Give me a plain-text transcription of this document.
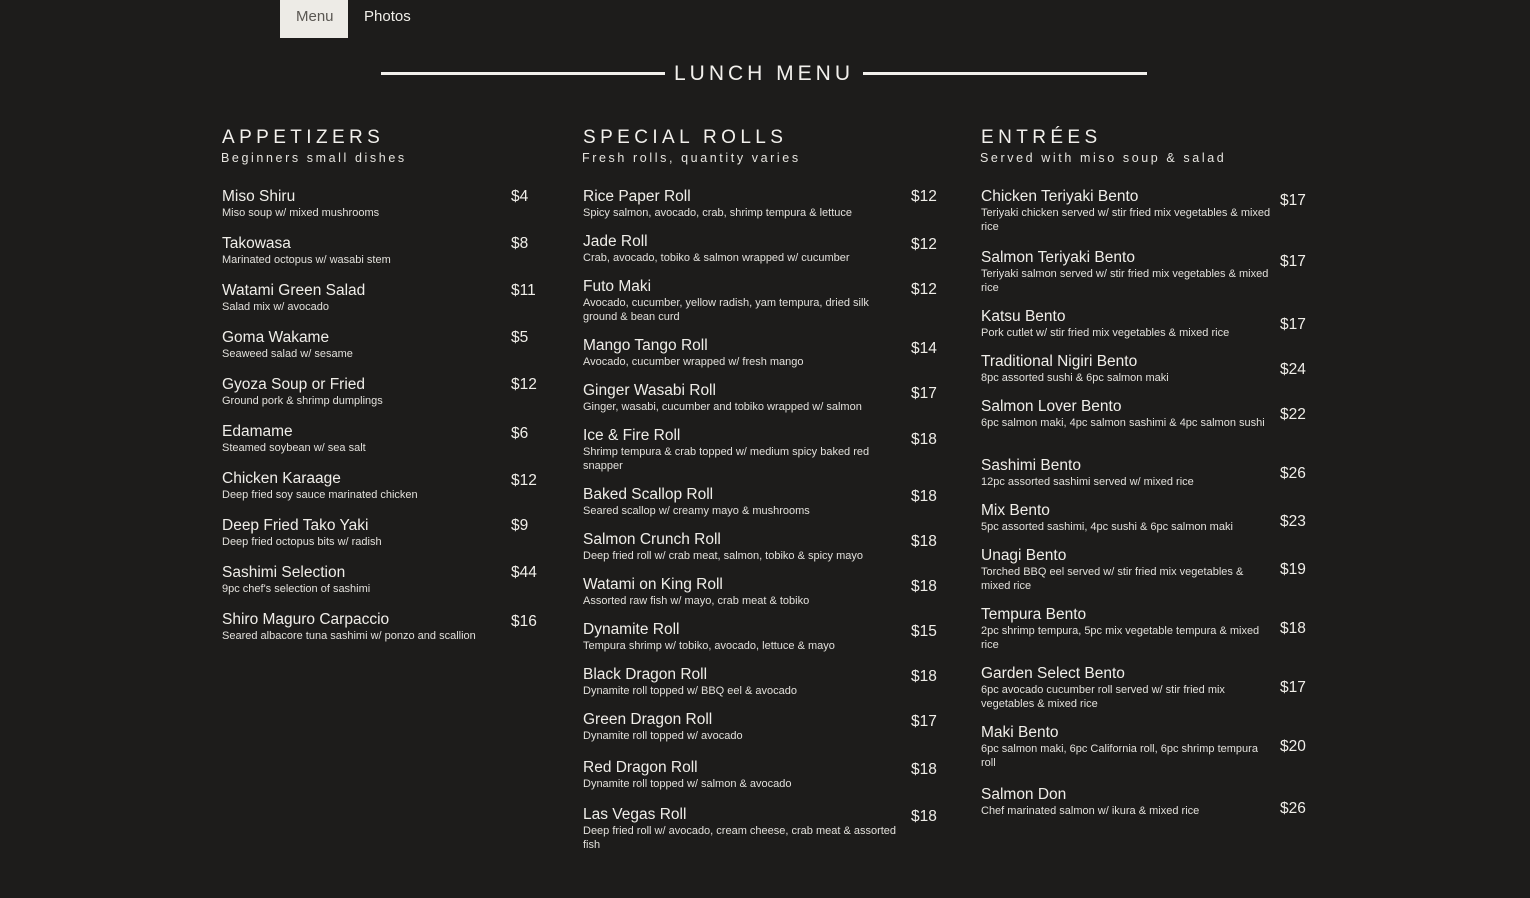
Menu	Photos
LUNCH MENU
APPETIZERS
Beginners small dishes
Miso Shiru
Miso soup w/ mixed mushrooms
$4
Takowasa
Marinated octopus w/ wasabi stem
$8
Watami Green Salad
Salad mix w/ avocado
$11
Goma Wakame
Seaweed salad w/ sesame
$5
Gyoza Soup or Fried
Ground pork & shrimp dumplings
$12
Edamame
Steamed soybean w/ sea salt
$6
Chicken Karaage
Deep fried soy sauce marinated chicken
$12
Deep Fried Tako Yaki
Deep fried octopus bits w/ radish
$9
Sashimi Selection
9pc chef's selection of sashimi
$44
Shiro Maguro Carpaccio
Seared albacore tuna sashimi w/ ponzo and scallion
$16
SPECIAL ROLLS
Fresh rolls, quantity varies
Rice Paper Roll
Spicy salmon, avocado, crab, shrimp tempura & lettuce
$12
Jade Roll
Crab, avocado, tobiko & salmon wrapped w/ cucumber
$12
Futo Maki
Avocado, cucumber, yellow radish, yam tempura, dried silk ground & bean curd
$12
Mango Tango Roll
Avocado, cucumber wrapped w/ fresh mango
$14
Ginger Wasabi Roll
Ginger, wasabi, cucumber and tobiko wrapped w/ salmon
$17
Ice & Fire Roll
Shrimp tempura & crab topped w/ medium spicy baked red snapper
$18
Baked Scallop Roll
Seared scallop w/ creamy mayo & mushrooms
$18
Salmon Crunch Roll
Deep fried roll w/ crab meat, salmon, tobiko & spicy mayo
$18
Watami on King Roll
Assorted raw fish w/ mayo, crab meat & tobiko
$18
Dynamite Roll
Tempura shrimp w/ tobiko, avocado, lettuce & mayo
$15
Black Dragon Roll
Dynamite roll topped w/ BBQ eel & avocado
$18
Green Dragon Roll
Dynamite roll topped w/ avocado
$17
Red Dragon Roll
Dynamite roll topped w/ salmon & avocado
$18
Las Vegas Roll
Deep fried roll w/ avocado, cream cheese, crab meat & assorted fish
$18
ENTRÉES
Served with miso soup & salad
Chicken Teriyaki Bento
Teriyaki chicken served w/ stir fried mix vegetables & mixed rice
$17
Salmon Teriyaki Bento
Teriyaki salmon served w/ stir fried mix vegetables & mixed rice
$17
Katsu Bento
Pork cutlet w/ stir fried mix vegetables & mixed rice	$17
Traditional Nigiri Bento
8pc assorted sushi & 6pc salmon maki	$24
Salmon Lover Bento
6pc salmon maki, 4pc salmon sashimi & 4pc salmon sushi $22
Sashimi Bento
12pc assorted sashimi served w/ mixed rice	$26
Mix Bento
5pc assorted sashimi, 4pc sushi & 6pc salmon maki	$23
Unagi Bento
Torched BBQ eel served w/ stir fried mix vegetables & mixed rice
$19
Tempura Bento
2pc shrimp tempura, 5pc mix vegetable tempura & mixed rice
$18
Garden Select Bento
6pc avocado cucumber roll served w/ stir fried mix vegetables & mixed rice
$17
Maki Bento
6pc salmon maki, 6pc California roll, 6pc shrimp tempura roll
$20
Salmon Don
Chef marinated salmon w/ ikura & mixed rice	$26
